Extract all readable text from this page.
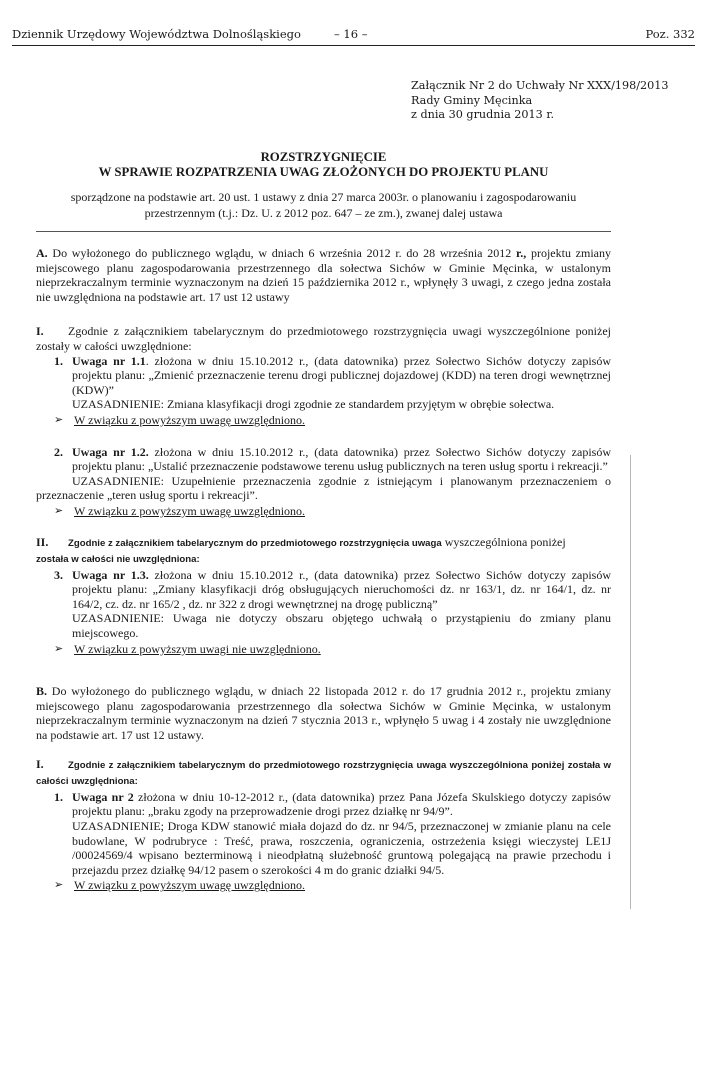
Dziennik Urzędowy Województwa Dolnośląskiego	– 16 –	Poz. 332
Załącznik Nr 2 do Uchwały Nr XXX/198/2013
Rady Gminy Męcinka
z dnia 30 grudnia 2013 r.
ROZSTRZYGNIĘCIE
W SPRAWIE ROZPATRZENIA UWAG ZŁOŻONYCH DO PROJEKTU PLANU
sporządzone na podstawie art. 20 ust. 1 ustawy z dnia 27 marca 2003r. o planowaniu i zagospodarowaniu przestrzennym (t.j.: Dz. U. z 2012 poz. 647 – ze zm.), zwanej dalej ustawa
A. Do wyłożonego do publicznego wglądu, w dniach 6 września 2012 r. do 28 września 2012 r., projektu zmiany miejscowego planu zagospodarowania przestrzennego dla sołectwa Sichów w Gminie Męcinka, w ustalonym nieprzekraczalnym terminie wyznaczonym na dzień 15 października 2012 r., wpłynęły 3 uwagi, z czego jedna została nie uwzględniona na podstawie art. 17 ust 12 ustawy
I. Zgodnie z załącznikiem tabelarycznym do przedmiotowego rozstrzygnięcia uwagi wyszczególnione poniżej zostały w całości uwzględnione:
1. Uwaga nr 1.1. złożona w dniu 15.10.2012 r., (data datownika) przez Sołectwo Sichów dotyczy zapisów projektu planu: „Zmienić przeznaczenie terenu drogi publicznej dojazdowej (KDD) na teren drogi wewnętrznej (KDW)”
UZASADNIENIE: Zmiana klasyfikacji drogi zgodnie ze standardem przyjętym w obrębie sołectwa.
➢ W związku z powyższym uwagę uwzględniono.
2. Uwaga nr 1.2. złożona w dniu 15.10.2012 r., (data datownika) przez Sołectwo Sichów dotyczy zapisów projektu planu: „Ustalić przeznaczenie podstawowe terenu usług publicznych na teren usług sportu i rekreacji.”
UZASADNIENIE: Uzupełnienie przeznaczenia zgodnie z istniejącym i planowanym przeznaczeniem o przeznaczenie „teren usług sportu i rekreacji”.
➢ W związku z powyższym uwagę uwzględniono.
II. Zgodnie z załącznikiem tabelarycznym do przedmiotowego rozstrzygnięcia uwaga wyszczególniona poniżej
została w całości nie uwzględniona:
3. Uwaga nr 1.3. złożona w dniu 15.10.2012 r., (data datownika) przez Sołectwo Sichów dotyczy zapisów projektu planu: „Zmiany klasyfikacji dróg obsługujących nieruchomości dz. nr 163/1, dz. nr 164/1, dz. nr 164/2, cz. dz. nr 165/2 , dz. nr 322 z drogi wewnętrznej na drogę publiczną”
UZASADNIENIE: Uwaga nie dotyczy obszaru objętego uchwałą o przystąpieniu do zmiany planu miejscowego.
➢ W związku z powyższym uwagi nie uwzględniono.
B. Do wyłożonego do publicznego wglądu, w dniach 22 listopada 2012 r. do 17 grudnia 2012 r., projektu zmiany miejscowego planu zagospodarowania przestrzennego dla sołectwa Sichów w Gminie Męcinka, w ustalonym nieprzekraczalnym terminie wyznaczonym na dzień 7 stycznia 2013 r., wpłynęło 5 uwag i 4 zostały nie uwzględnione na podstawie art. 17 ust 12 ustawy.
I.	Zgodnie z załącznikiem tabelarycznym do przedmiotowego rozstrzygnięcia uwaga wyszczególniona poniżej została w całości uwzględniona:
1. Uwaga nr 2 złożona w dniu 10-12-2012 r., (data datownika) przez Pana Józefa Skulskiego dotyczy zapisów projektu planu: „braku zgody na przeprowadzenie drogi przez działkę nr 94/9”.
UZASADNIENIE; Droga KDW stanowić miała dojazd do dz. nr 94/5, przeznaczonej w zmianie planu na cele budowlane, W podrubryce : Treść, prawa, roszczenia, ograniczenia, ostrzeżenia księgi wieczystej LE1J /00024569/4 wpisano bezterminową i nieodpłatną służebność gruntową polegającą na prawie przechodu i przejazdu przez działkę 94/12 pasem o szerokości 4 m do granic działki 94/5.
➢ W związku z powyższym uwagę uwzględniono.
